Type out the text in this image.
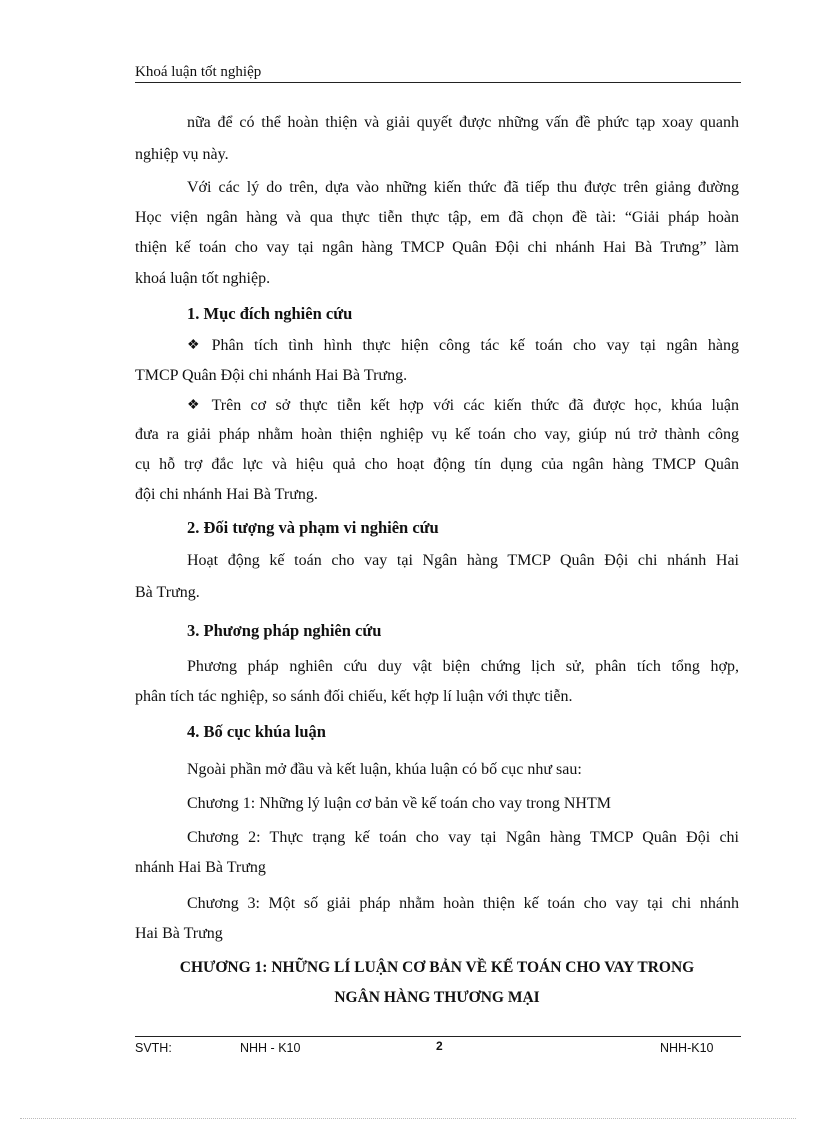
Khoá luận tốt nghiệp
nữa để có thể hoàn thiện và giải quyết được những vấn đề phức tạp xoay quanh
nghiệp vụ này.
Với các lý do trên, dựa vào những kiến thức đã tiếp thu được trên giảng đường
Học viện ngân hàng và qua thực tiễn thực tập, em đã chọn đề tài: “Giải pháp hoàn
thiện kế toán cho vay tại ngân hàng TMCP Quân Đội chi nhánh Hai Bà Trưng” làm
khoá luận tốt nghiệp.
1. Mục đích nghiên cứu
❖ Phân tích tình hình thực hiện công tác kế toán cho vay tại ngân hàng
TMCP Quân Đội chi nhánh Hai Bà Trưng.
❖ Trên cơ sở thực tiễn kết hợp với các kiến thức đã được học, khúa luận
đưa ra giải pháp nhằm hoàn thiện nghiệp vụ kế toán cho vay, giúp nú trở thành công
cụ hỗ trợ đắc lực và hiệu quả cho hoạt động tín dụng của ngân hàng TMCP Quân
đội chi nhánh Hai Bà Trưng.
2. Đối tượng và phạm vi nghiên cứu
Hoạt động kế toán cho vay tại Ngân hàng TMCP Quân Đội chi nhánh Hai
Bà Trưng.
3. Phương pháp nghiên cứu
Phương pháp nghiên cứu duy vật biện chứng lịch sử, phân tích tổng hợp,
phân tích tác nghiệp, so sánh đối chiếu, kết hợp lí luận với thực tiễn.
4. Bố cục khúa luận
Ngoài phần mở đầu và kết luận, khúa luận có bố cục như sau:
Chương 1: Những lý luận cơ bản về kế toán cho vay trong NHTM
Chương 2: Thực trạng kế toán cho vay tại Ngân hàng TMCP Quân Đội chi
nhánh Hai Bà Trưng
Chương 3: Một số giải pháp nhằm hoàn thiện kế toán cho vay tại chi nhánh
Hai Bà Trưng
CHƯƠNG 1: NHỮNG LÍ LUẬN CƠ BẢN VỀ KẾ TOÁN CHO VAY TRONG
NGÂN HÀNG THƯƠNG MẠI
SVTH:	NHH - K10	2	NHH-K10
